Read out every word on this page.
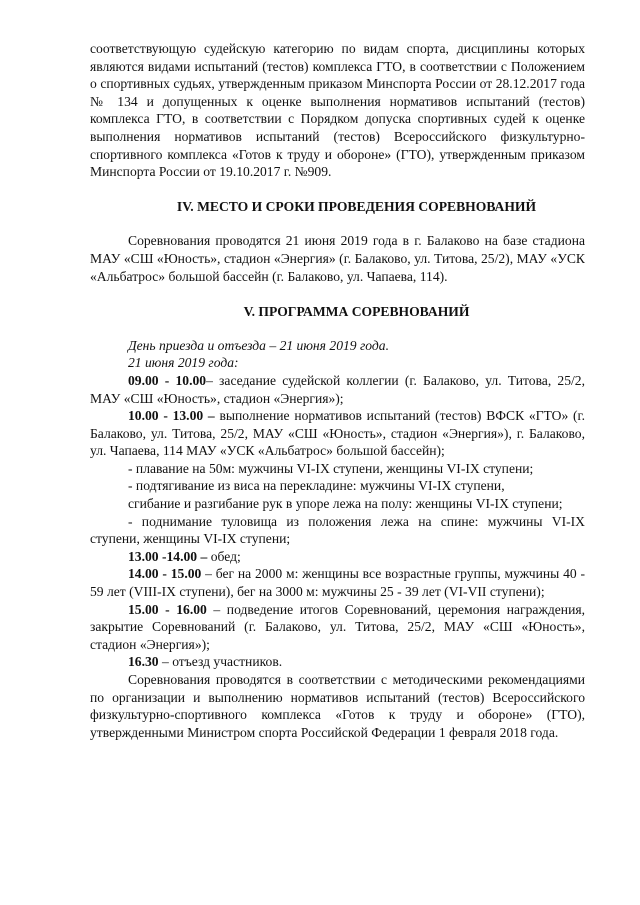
соответствующую судейскую категорию по видам спорта, дисциплины которых являются видами испытаний (тестов) комплекса ГТО, в соответствии с Положением о спортивных судьях, утвержденным приказом Минспорта России от 28.12.2017 года № 134 и допущенных к оценке выполнения нормативов испытаний (тестов) комплекса ГТО, в соответствии с Порядком допуска спортивных судей к оценке выполнения нормативов испытаний (тестов) Всероссийского физкультурно-спортивного комплекса «Готов к труду и обороне» (ГТО), утвержденным приказом Минспорта России от 19.10.2017 г. №909.

IV. МЕСТО И СРОКИ ПРОВЕДЕНИЯ СОРЕВНОВАНИЙ

Соревнования проводятся 21 июня 2019 года в г. Балаково на базе стадиона МАУ «СШ «Юность», стадион «Энергия» (г. Балаково, ул. Титова, 25/2), МАУ «УСК «Альбатрос» большой бассейн (г. Балаково, ул. Чапаева, 114).

V. ПРОГРАММА СОРЕВНОВАНИЙ

День приезда и отъезда – 21 июня 2019 года.

21 июня 2019 года:

09.00 - 10.00– заседание судейской коллегии (г. Балаково, ул. Титова, 25/2, МАУ «СШ «Юность», стадион «Энергия»);

10.00 - 13.00 – выполнение нормативов испытаний (тестов) ВФСК «ГТО» (г. Балаково, ул. Титова, 25/2, МАУ «СШ «Юность», стадион «Энергия»), г. Балаково, ул. Чапаева, 114 МАУ «УСК «Альбатрос» большой бассейн);

- плавание на 50м: мужчины VI-IX ступени, женщины VI-IX ступени;

- подтягивание из виса на перекладине: мужчины VI-IX ступени,

сгибание и разгибание рук в упоре лежа на полу: женщины VI-IX ступени;

- поднимание туловища из положения лежа на спине: мужчины VI-IX ступени, женщины VI-IX ступени;

13.00 -14.00 – обед;

14.00 - 15.00 – бег на 2000 м: женщины все возрастные группы, мужчины 40 - 59 лет (VIII-IX ступени), бег на 3000 м: мужчины 25 - 39 лет (VI-VII ступени);

15.00 - 16.00 – подведение итогов Соревнований, церемония награждения, закрытие Соревнований (г. Балаково, ул. Титова, 25/2, МАУ «СШ «Юность», стадион «Энергия»);

16.30 – отъезд участников.

Соревнования проводятся в соответствии с методическими рекомендациями по организации и выполнению нормативов испытаний (тестов) Всероссийского физкультурно-спортивного комплекса «Готов к труду и обороне» (ГТО), утвержденными Министром спорта Российской Федерации 1 февраля 2018 года.
